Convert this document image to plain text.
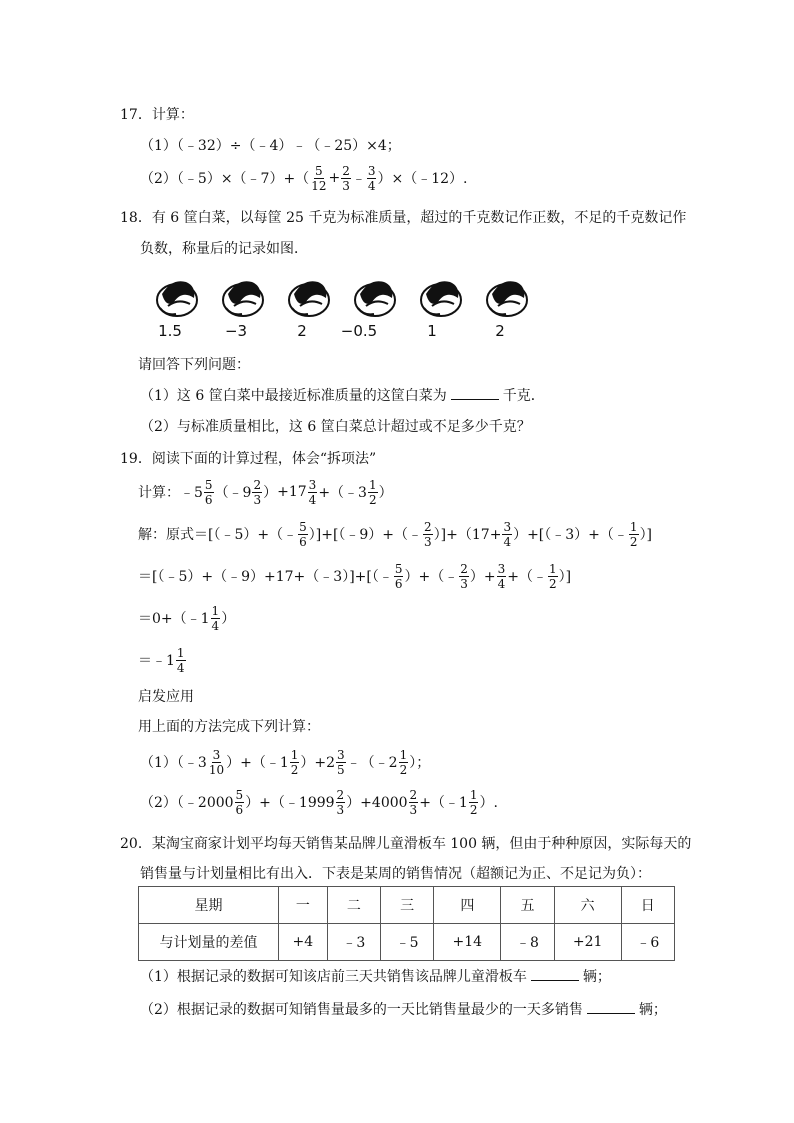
17．计算：
（1）（﹣32）÷（﹣4）﹣（﹣25）×4；
（2）（﹣5）×（﹣7）+（ $\frac{5}{12} + \frac{2}{3}$ ﹣ $\frac{3}{4}$ ）×（﹣12）.
18．有 6 筐白菜，以每筐 25 千克为标准质量，超过的千克数记作正数，不足的千克数记作
负数，称量后的记录如图．
1.5	−3	2	−0.5	1	2
请回答下列问题：
（1）这 6 筐白菜中最接近标准质量的这筐白菜为	千克．
（2）与标准质量相比，这 6 筐白菜总计超过或不足多少千克？
19．阅读下面的计算过程，体会“拆项法”
计算： ﹣5 $\frac{5}{6}$ （﹣9 $\frac{2}{3}$ ） $+17 \frac{3}{4}$ +（﹣3 $\frac{1}{2}$ ）
解：原式＝ [（﹣5）+（﹣ $\frac{5}{6}$ ）]+[（﹣9）+（﹣ $\frac{2}{3} )]+(17+ \frac{3}{4}$ ）+[（﹣3）+（﹣ $\frac{1}{2}$ ）]
＝[（﹣5）+（﹣9）+17+（﹣3）]+[（﹣ $\frac{5}{6}$ ）+（﹣ $\frac{2}{3}$ ）+ $\frac{3}{4}$ +（﹣ $\frac{1}{2}$ ）]
＝0+（﹣1 $\frac{1}{4}$ ）
＝﹣1 $\frac{1}{4}$
启发应用
用上面的方法完成下列计算：
（1）（﹣3 $\frac{3}{10}$ ）+（﹣1 $\frac{1}{2} )+2 \frac{3}{5}$ ﹣（﹣2 $\frac{1}{2}$ ）；
（2）（﹣2000 $\frac{5}{6}$ ）+（﹣1999 $\frac{2}{3} )+4000 \frac{2}{3}$ +（﹣1 $\frac{1}{2}$ ）.
20．某淘宝商家计划平均每天销售某品牌儿童滑板车 100 辆，但由于种种原因，实际每天的
销售量与计划量相比有出入．下表是某周的销售情况（超额记为正、不足记为负）：
星期	一	二	三	四	五	六	日
与计划量的差值	+4	﹣3	﹣5	+14	﹣8	+21	﹣6
（1）根据记录的数据可知该店前三天共销售该品牌儿童滑板车	辆；
（2）根据记录的数据可知销售量最多的一天比销售量最少的一天多销售	辆；
